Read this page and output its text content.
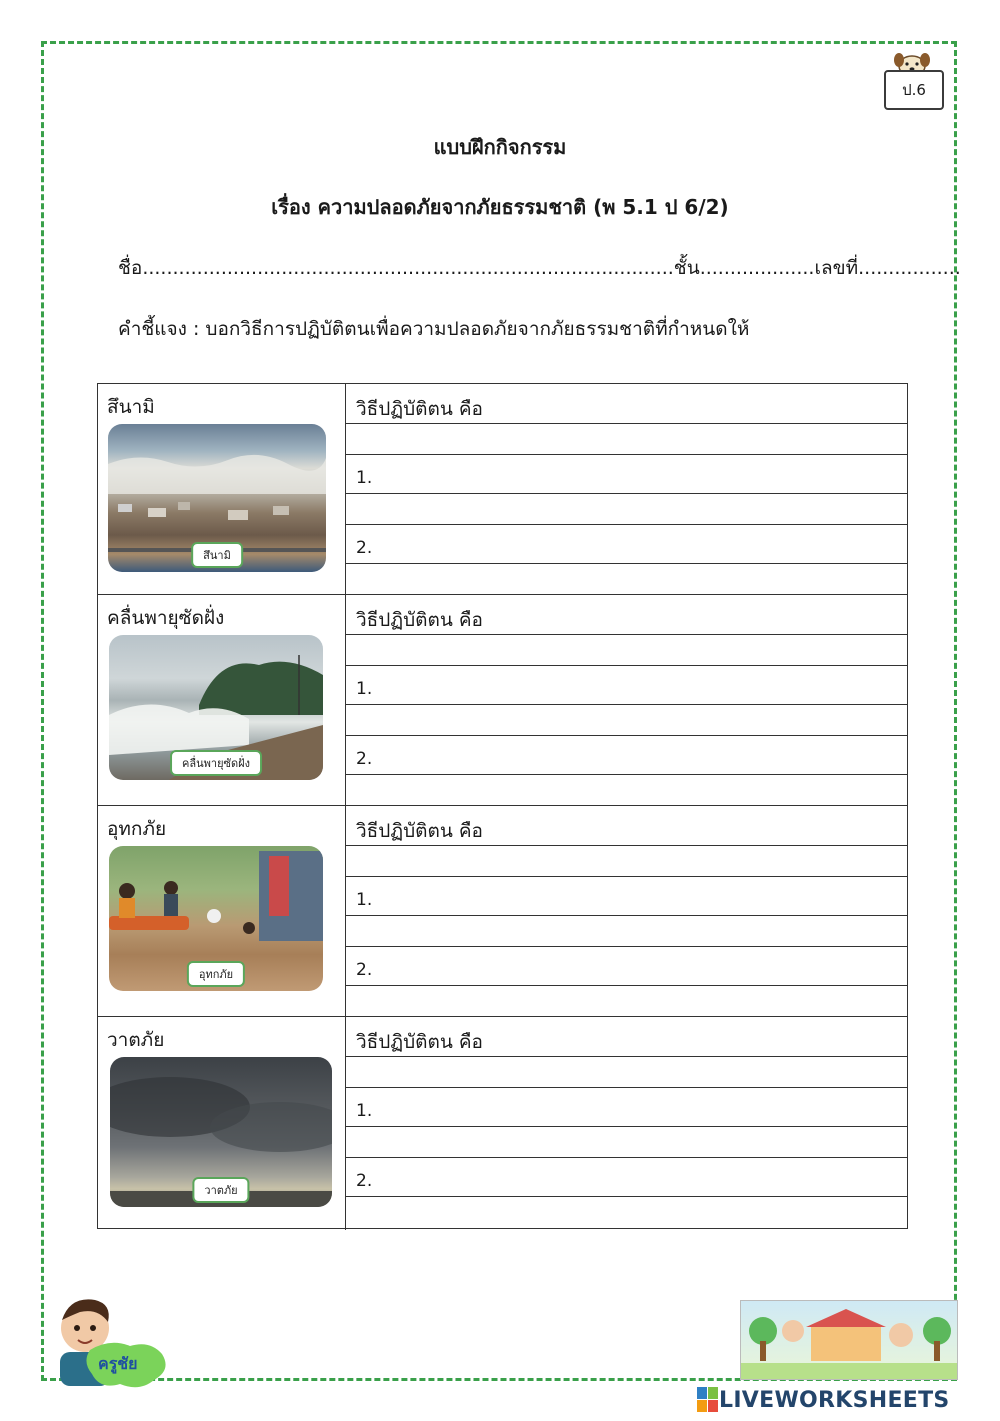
ป.6
แบบฝึกกิจกรรม
เรื่อง ความปลอดภัยจากภัยธรรมชาติ (พ 5.1 ป 6/2)
ชื่อ........................................................................................ชั้น...................เลขที่.................
คำชี้แจง : บอกวิธีการปฏิบัติตนเพื่อความปลอดภัยจากภัยธรรมชาติที่กำหนดให้
สึนามิ
สึนามิ
วิธีปฏิบัติตน คือ
1.
2.
คลื่นพายุซัดฝั่ง
คลื่นพายุซัดฝั่ง
วิธีปฏิบัติตน คือ
1.
2.
อุทกภัย
อุทกภัย
วิธีปฏิบัติตน คือ
1.
2.
วาตภัย
วาตภัย
วิธีปฏิบัติตน คือ
1.
2.
ครูชัย
LIVEWORKSHEETS
